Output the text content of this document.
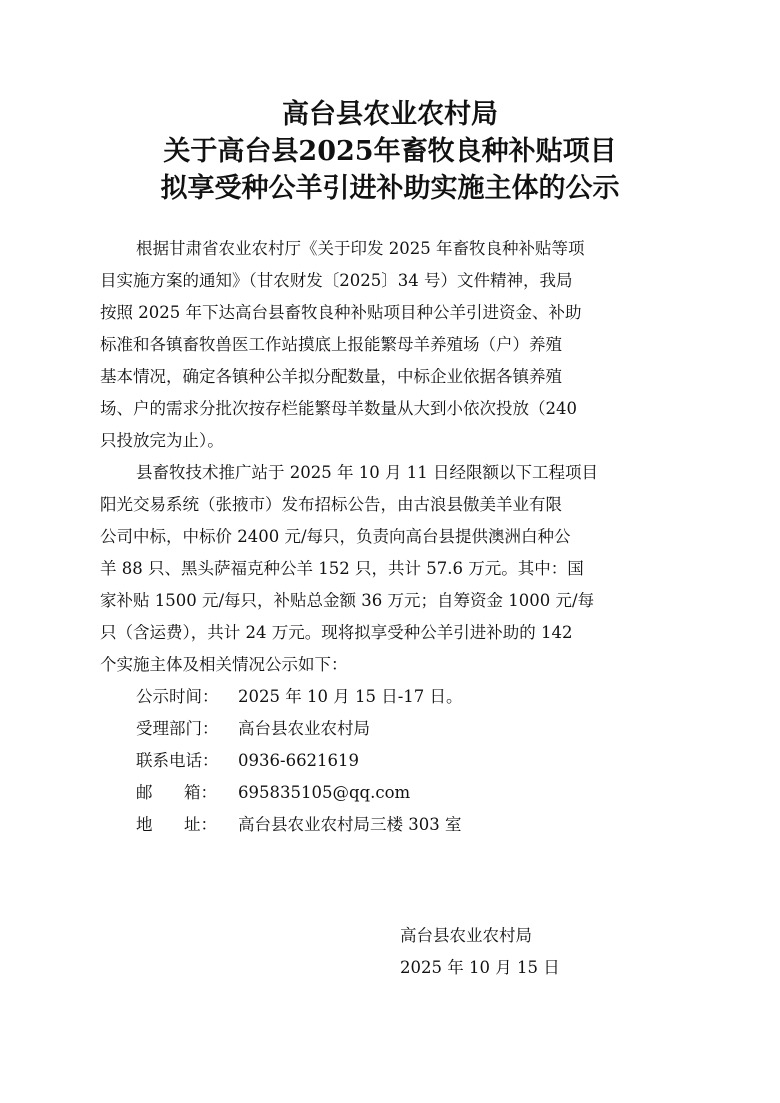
高台县农业农村局
关于高台县2025年畜牧良种补贴项目
拟享受种公羊引进补助实施主体的公示
根据甘肃省农业农村厅《关于印发 2025 年畜牧良种补贴等项
目实施方案的通知》（甘农财发〔2025〕34 号）文件精神，我局
按照 2025 年下达高台县畜牧良种补贴项目种公羊引进资金、补助
标准和各镇畜牧兽医工作站摸底上报能繁母羊养殖场（户）养殖
基本情况，确定各镇种公羊拟分配数量，中标企业依据各镇养殖
场、户的需求分批次按存栏能繁母羊数量从大到小依次投放（240
只投放完为止）。
县畜牧技术推广站于 2025 年 10 月 11 日经限额以下工程项目
阳光交易系统（张掖市）发布招标公告，由古浪县傲美羊业有限
公司中标，中标价 2400 元/每只，负责向高台县提供澳洲白种公
羊 88 只、黑头萨福克种公羊 152 只，共计 57.6 万元。其中：国
家补贴 1500 元/每只，补贴总金额 36 万元；自筹资金 1000 元/每
只（含运费），共计 24 万元。现将拟享受种公羊引进补助的 142
个实施主体及相关情况公示如下：
公示时间： 2025 年 10 月 15 日-17 日。
受理部门： 高台县农业农村局
联系电话： 0936-6621619
邮      箱： 695835105@qq.com
地      址： 高台县农业农村局三楼 303 室
高台县农业农村局
2025 年 10 月 15 日
